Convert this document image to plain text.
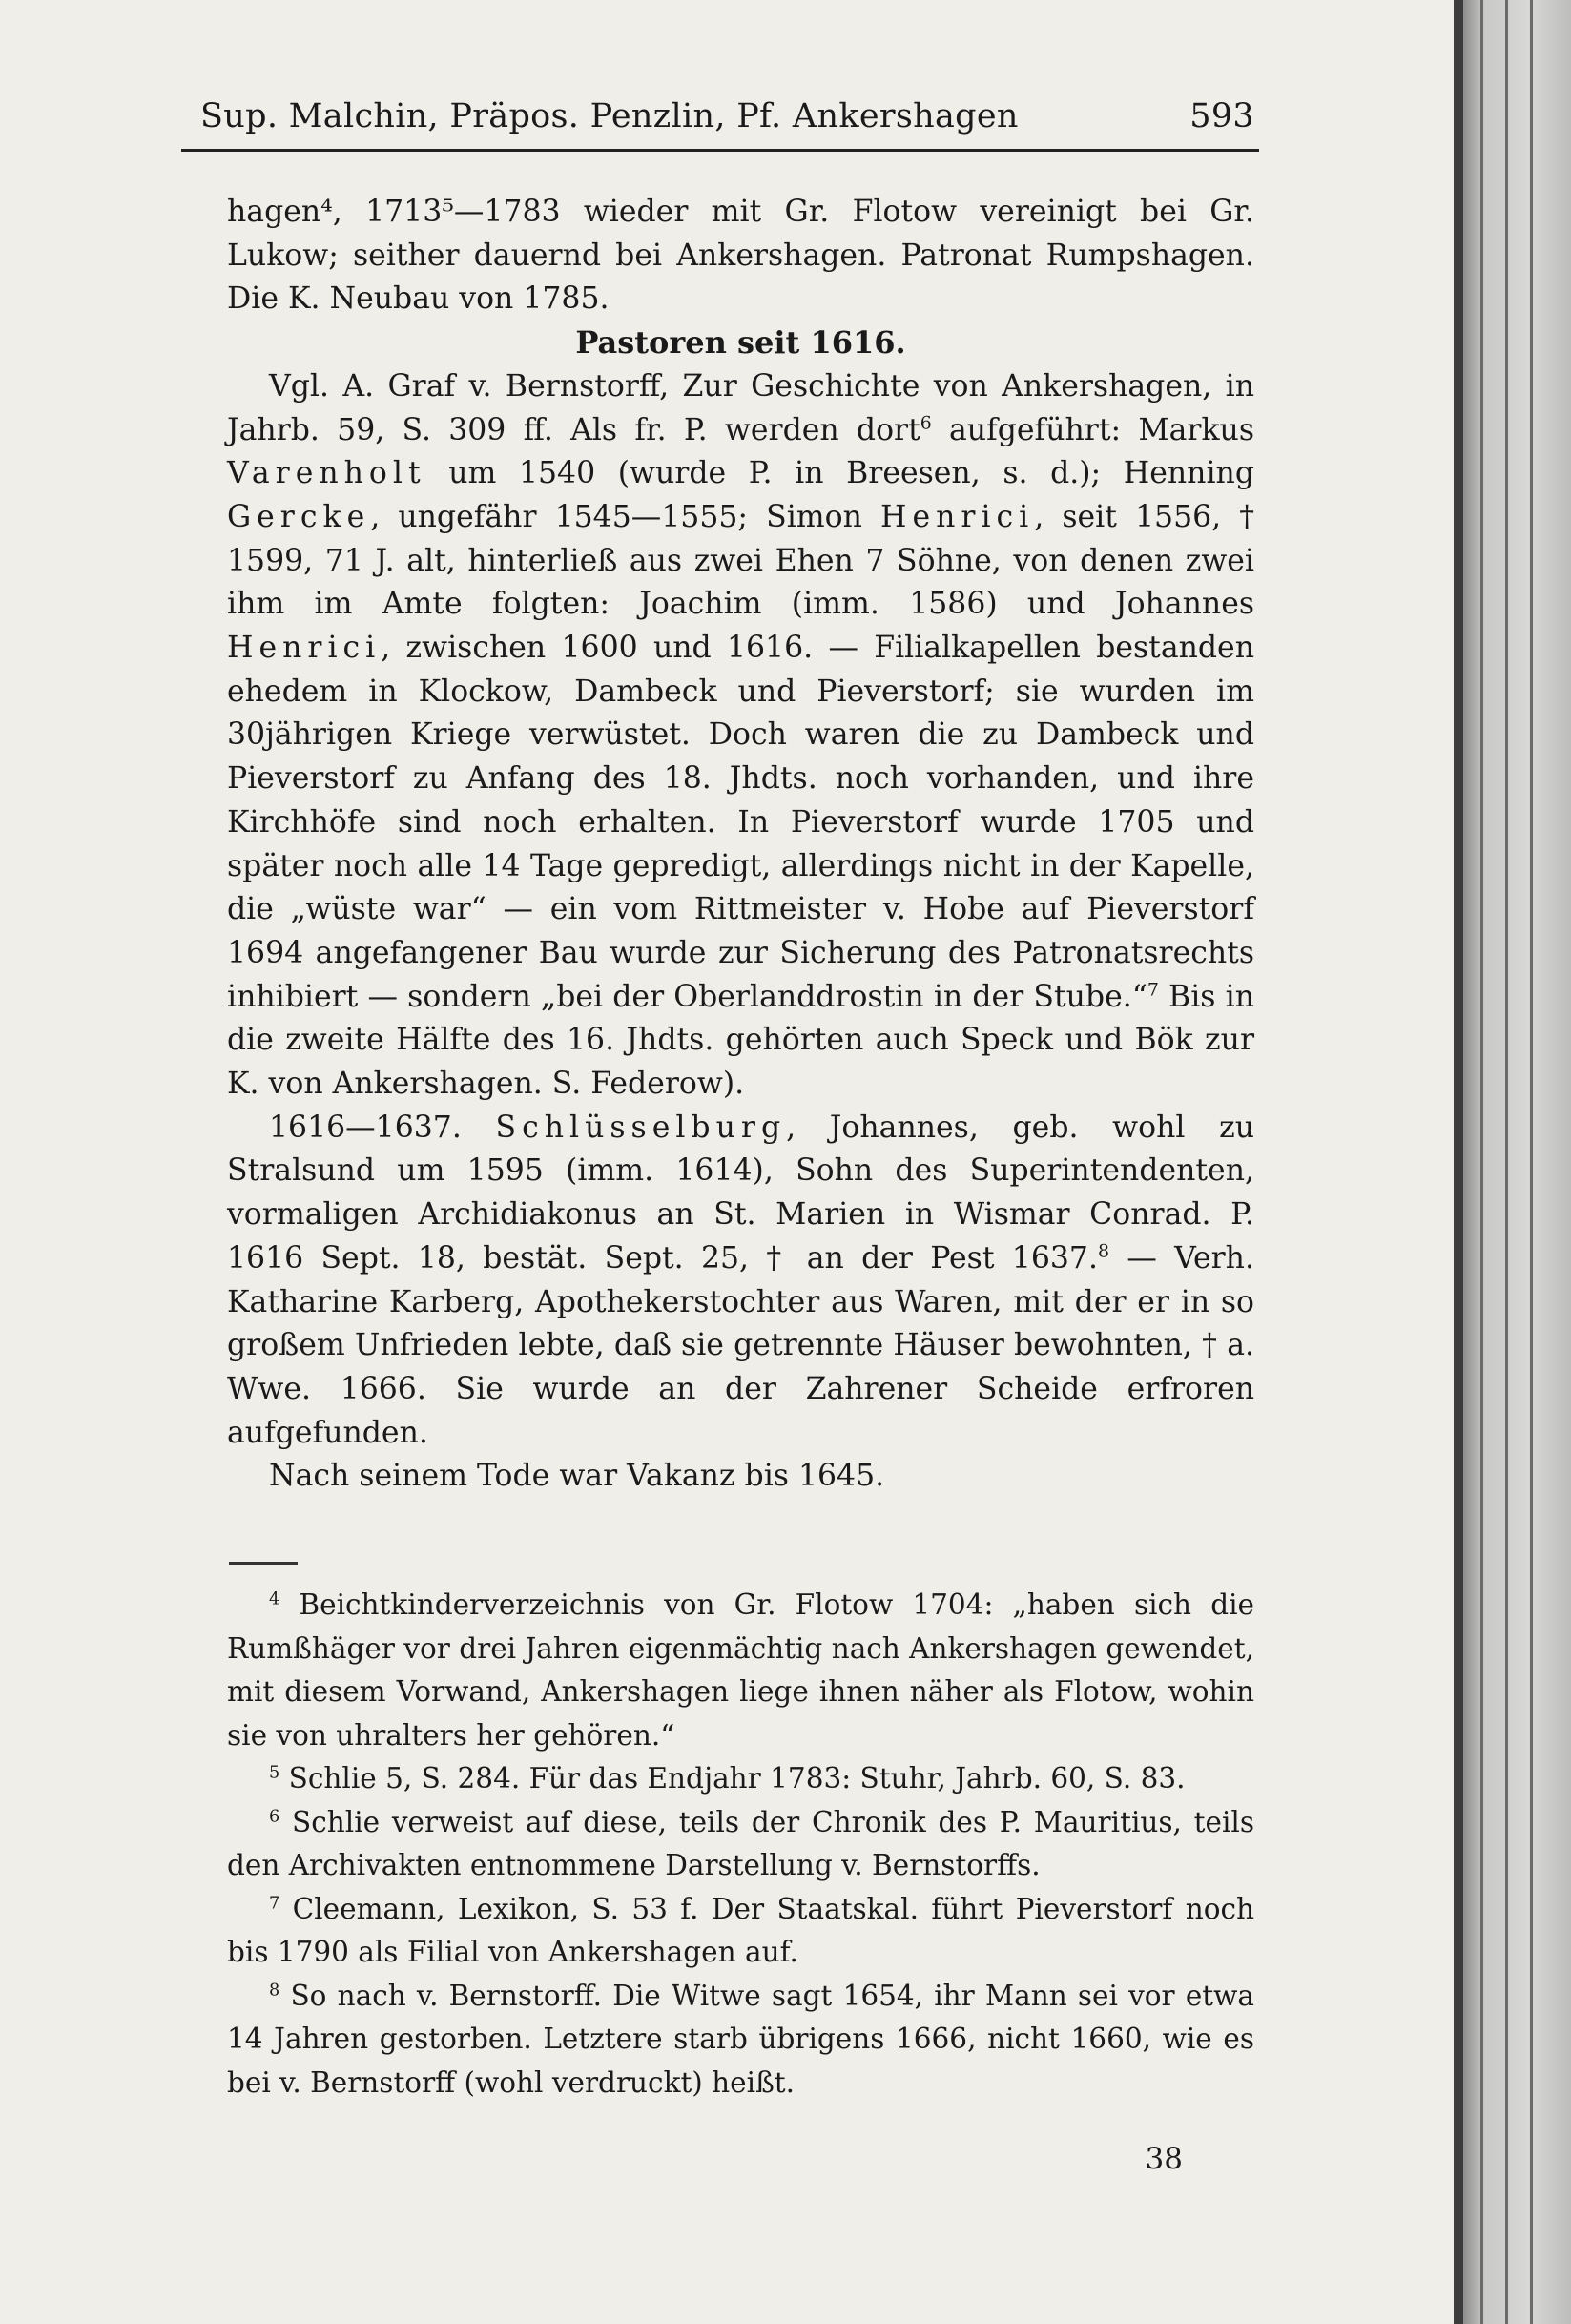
Sup. Malchin, Präpos. Penzlin, Pf. Ankershagen	593

hagen⁴, 1713⁵—1783 wieder mit Gr. Flotow vereinigt bei Gr. Lukow; seither dauernd bei Ankershagen. Patronat Rumpshagen. Die K. Neubau von 1785.

Pastoren seit 1616.

Vgl. A. Graf v. Bernstorff, Zur Geschichte von Ankershagen, in Jahrb. 59, S. 309 ff. Als fr. P. werden dort$^6$ aufgeführt: Markus Varenholt um 1540 (wurde P. in Breesen, s. d.); Henning Gercke, ungefähr 1545—1555; Simon Henrici, seit 1556, † 1599, 71 J. alt, hinterließ aus zwei Ehen 7 Söhne, von denen zwei ihm im Amte folgten: Joachim (imm. 1586) und Johannes Henrici, zwischen 1600 und 1616. — Filialkapellen bestanden ehedem in Klockow, Dambeck und Pieverstorf; sie wurden im 30jährigen Kriege verwüstet. Doch waren die zu Dambeck und Pieverstorf zu Anfang des 18. Jhdts. noch vorhanden, und ihre Kirchhöfe sind noch erhalten. In Pieverstorf wurde 1705 und später noch alle 14 Tage gepredigt, allerdings nicht in der Kapelle, die „wüste war“ — ein vom Rittmeister v. Hobe auf Pieverstorf 1694 angefangener Bau wurde zur Sicherung des Patronatsrechts inhibiert — sondern „bei der Oberlanddrostin in der Stube.“$^7$ Bis in die zweite Hälfte des 16. Jhdts. gehörten auch Speck und Bök zur K. von Ankershagen. S. Federow).

1616—1637. Schlüsselburg, Johannes, geb. wohl zu Stralsund um 1595 (imm. 1614), Sohn des Superintendenten, vormaligen Archidiakonus an St. Marien in Wismar Conrad. P. 1616 Sept. 18, bestät. Sept. 25, † an der Pest 1637.$^8$ — Verh. Katharine Karberg, Apothekerstochter aus Waren, mit der er in so großem Unfrieden lebte, daß sie getrennte Häuser bewohnten, † a. Wwe. 1666. Sie wurde an der Zahrener Scheide erfroren aufgefunden.

Nach seinem Tode war Vakanz bis 1645.

$^4$ Beichtkinderverzeichnis von Gr. Flotow 1704: „haben sich die Rumßhäger vor drei Jahren eigenmächtig nach Ankershagen gewendet, mit diesem Vorwand, Ankershagen liege ihnen näher als Flotow, wohin sie von uhralters her gehören.“

$^5$ Schlie 5, S. 284. Für das Endjahr 1783: Stuhr, Jahrb. 60, S. 83.

$^6$ Schlie verweist auf diese, teils der Chronik des P. Mauritius, teils den Archivakten entnommene Darstellung v. Bernstorffs.

$^7$ Cleemann, Lexikon, S. 53 f. Der Staatskal. führt Pieverstorf noch bis 1790 als Filial von Ankershagen auf.

$^8$ So nach v. Bernstorff. Die Witwe sagt 1654, ihr Mann sei vor etwa 14 Jahren gestorben. Letztere starb übrigens 1666, nicht 1660, wie es bei v. Bernstorff (wohl verdruckt) heißt.

38
